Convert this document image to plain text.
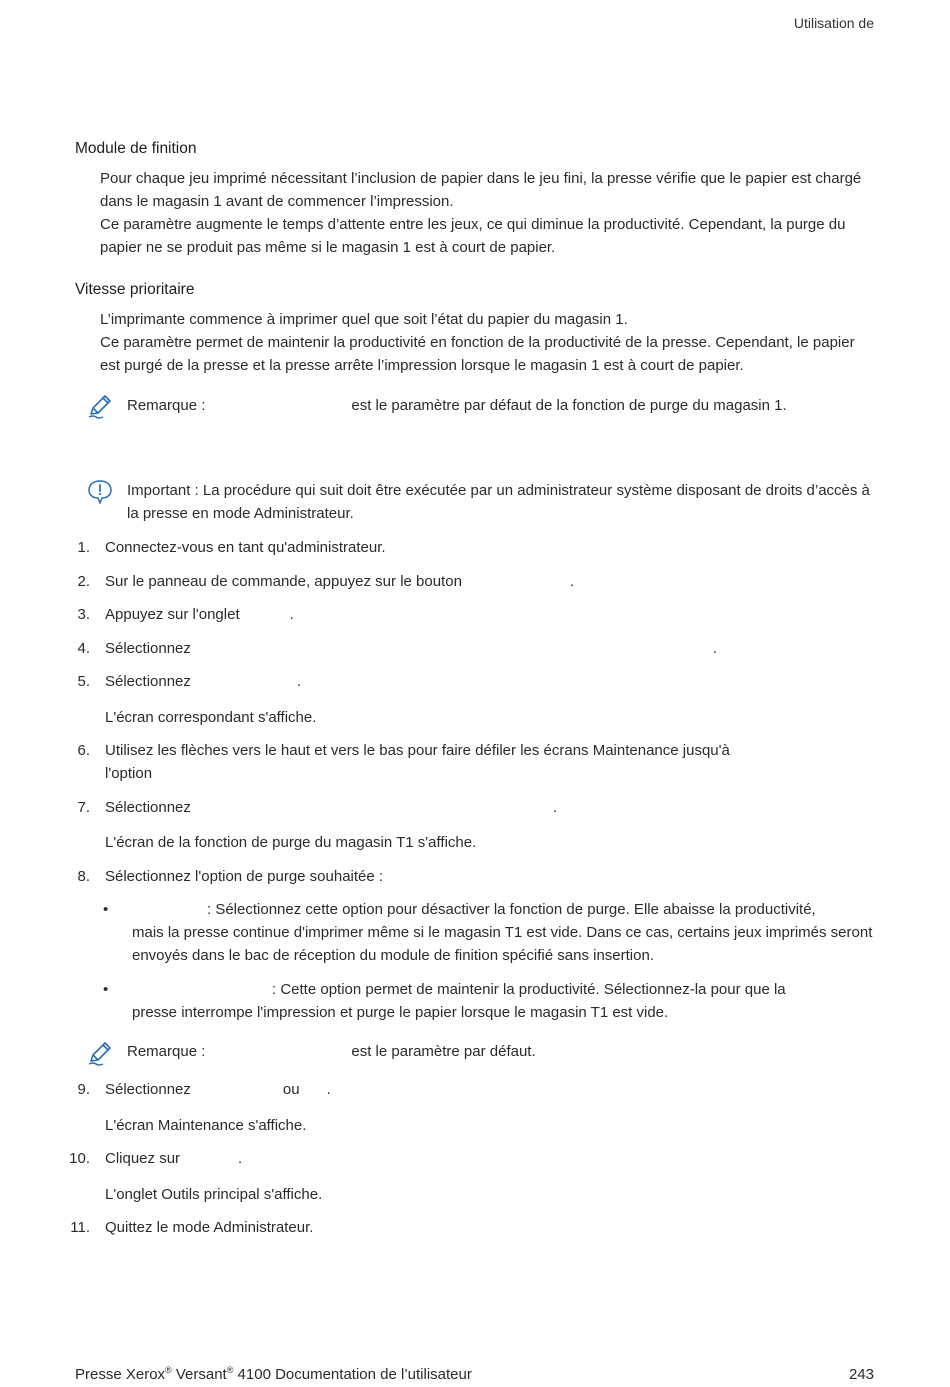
Utilisation de
Module de finition
Pour chaque jeu imprimé nécessitant l’inclusion de papier dans le jeu fini, la presse vérifie que le papier est chargé dans le magasin 1 avant de commencer l’impression.
Ce paramètre augmente le temps d’attente entre les jeux, ce qui diminue la productivité. Cependant, la purge du papier ne se produit pas même si le magasin 1 est à court de papier.
Vitesse prioritaire
L’imprimante commence à imprimer quel que soit l’état du papier du magasin 1.
Ce paramètre permet de maintenir la productivité en fonction de la productivité de la presse. Cependant, le papier est purgé de la presse et la presse arrête l’impression lorsque le magasin 1 est à court de papier.
Remarque :	est le paramètre par défaut de la fonction de purge du magasin 1.
Important : La procédure qui suit doit être exécutée par un administrateur système disposant de droits d’accès à la presse en mode Administrateur.
1. Connectez-vous en tant qu'administrateur.
2. Sur le panneau de commande, appuyez sur le bouton	.
3. Appuyez sur l'onglet	.
4. Sélectionnez	.
5. Sélectionnez	.
L'écran correspondant s'affiche.
6. Utilisez les flèches vers le haut et vers le bas pour faire défiler les écrans Maintenance jusqu'à
l'option
7. Sélectionnez	.
L'écran de la fonction de purge du magasin T1 s'affiche.
8. Sélectionnez l'option de purge souhaitée :
•	: Sélectionnez cette option pour désactiver la fonction de purge. Elle abaisse la productivité,
mais la presse continue d'imprimer même si le magasin T1 est vide. Dans ce cas, certains jeux imprimés seront envoyés dans le bac de réception du module de finition spécifié sans insertion.
•	: Cette option permet de maintenir la productivité. Sélectionnez-la pour que la
presse interrompe l'impression et purge le papier lorsque le magasin T1 est vide.
Remarque :	est le paramètre par défaut.
9. Sélectionnez	ou .
L'écran Maintenance s'affiche.
10. Cliquez sur	.
L'onglet Outils principal s'affiche.
11. Quittez le mode Administrateur.
Presse Xerox® Versant® 4100 Documentation de l’utilisateur	243
